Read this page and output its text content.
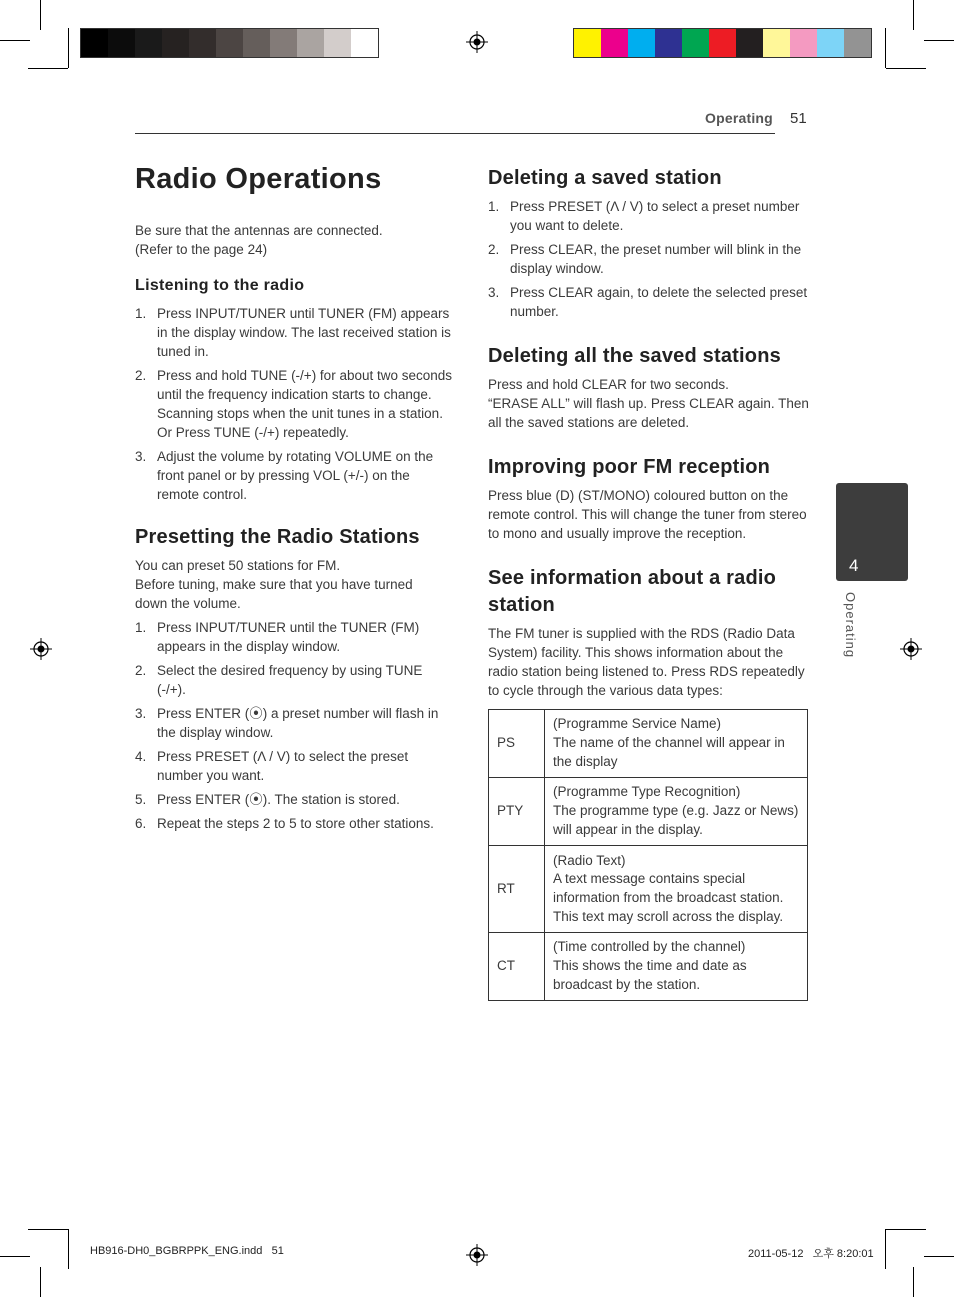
Operating 51
4
Operating
Radio Operations

Be sure that the antennas are connected.
(Refer to the page 24)

Listening to the radio
1. Press INPUT/TUNER until TUNER (FM) appears in the display window. The last received station is tuned in.
2. Press and hold TUNE (-/+) for about two seconds until the frequency indication starts to change. Scanning stops when the unit tunes in a station. Or Press TUNE (-/+) repeatedly.
3. Adjust the volume by rotating VOLUME on the front panel or by pressing VOL (+/-) on the remote control.
Presetting the Radio Stations

You can preset 50 stations for FM.
Before tuning, make sure that you have turned down the volume.

1. Press INPUT/TUNER until the TUNER (FM) appears in the display window.
2. Select the desired frequency by using TUNE (-/+).
3. Press ENTER (⦿) a preset number will flash in the display window.
4. Press PRESET (Λ / V) to select the preset number you want.
5. Press ENTER (⦿). The station is stored.
6. Repeat the steps 2 to 5 to store other stations.
Deleting a saved station
1. Press PRESET (Λ / V) to select a preset number you want to delete.
2. Press CLEAR, the preset number will blink in the display window.
3. Press CLEAR again, to delete the selected preset number.
Deleting all the saved stations

Press and hold CLEAR for two seconds.
“ERASE ALL” will flash up. Press CLEAR again. Then all the saved stations are deleted.

Improving poor FM reception

Press blue (D) (ST/MONO) coloured button on the remote control. This will change the tuner from stereo to mono and usually improve the reception.

See information about a radio station

The FM tuner is supplied with the RDS (Radio Data System) facility. This shows information about the radio station being listened to. Press RDS repeatedly to cycle through the various data types:

PS	(Programme Service Name)
The name of the channel will appear in the display
PTY	(Programme Type Recognition)
The programme type (e.g. Jazz or News) will appear in the display.
RT	(Radio Text)
A text message contains special information from the broadcast station. This text may scroll across the display.
CT	(Time controlled by the channel)
This shows the time and date as broadcast by the station.
HB916-DH0_BGBRPPK_ENG.indd   51	2011-05-12   오후 8:20:01
